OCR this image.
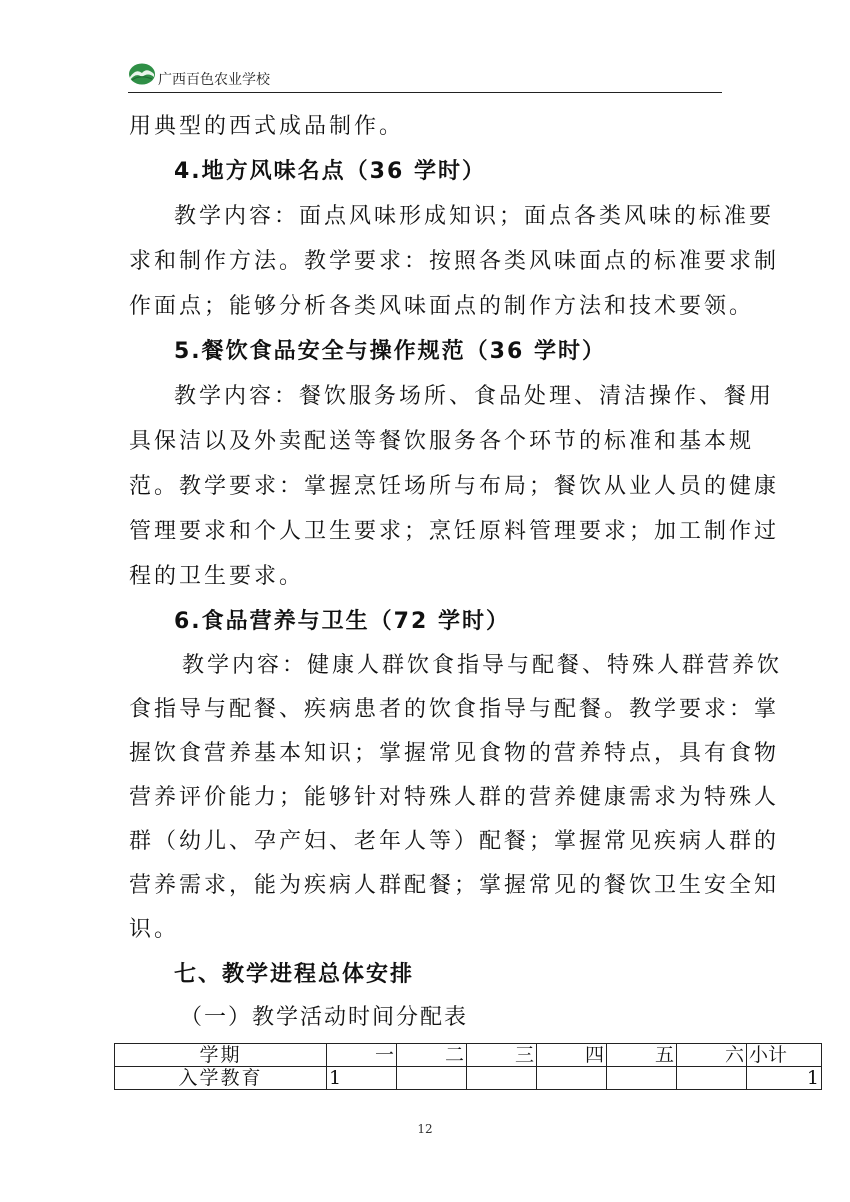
广西百色农业学校
用典型的西式成品制作。
4.地方风味名点（36 学时）
教学内容：面点风味形成知识；面点各类风味的标准要
求和制作方法。教学要求：按照各类风味面点的标准要求制
作面点；能够分析各类风味面点的制作方法和技术要领。
5.餐饮食品安全与操作规范（36 学时）
教学内容：餐饮服务场所、食品处理、清洁操作、餐用
具保洁以及外卖配送等餐饮服务各个环节的标准和基本规
范。教学要求：掌握烹饪场所与布局；餐饮从业人员的健康
管理要求和个人卫生要求；烹饪原料管理要求；加工制作过
程的卫生要求。
6.食品营养与卫生（72 学时）
教学内容：健康人群饮食指导与配餐、特殊人群营养饮
食指导与配餐、疾病患者的饮食指导与配餐。教学要求：掌
握饮食营养基本知识；掌握常见食物的营养特点，具有食物
营养评价能力；能够针对特殊人群的营养健康需求为特殊人
群（幼儿、孕产妇、老年人等）配餐；掌握常见疾病人群的
营养需求，能为疾病人群配餐；掌握常见的餐饮卫生安全知
识。
七、教学进程总体安排
（一）教学活动时间分配表
学期	一	二	三	四	五	六	小计
入学教育	1						1
12
